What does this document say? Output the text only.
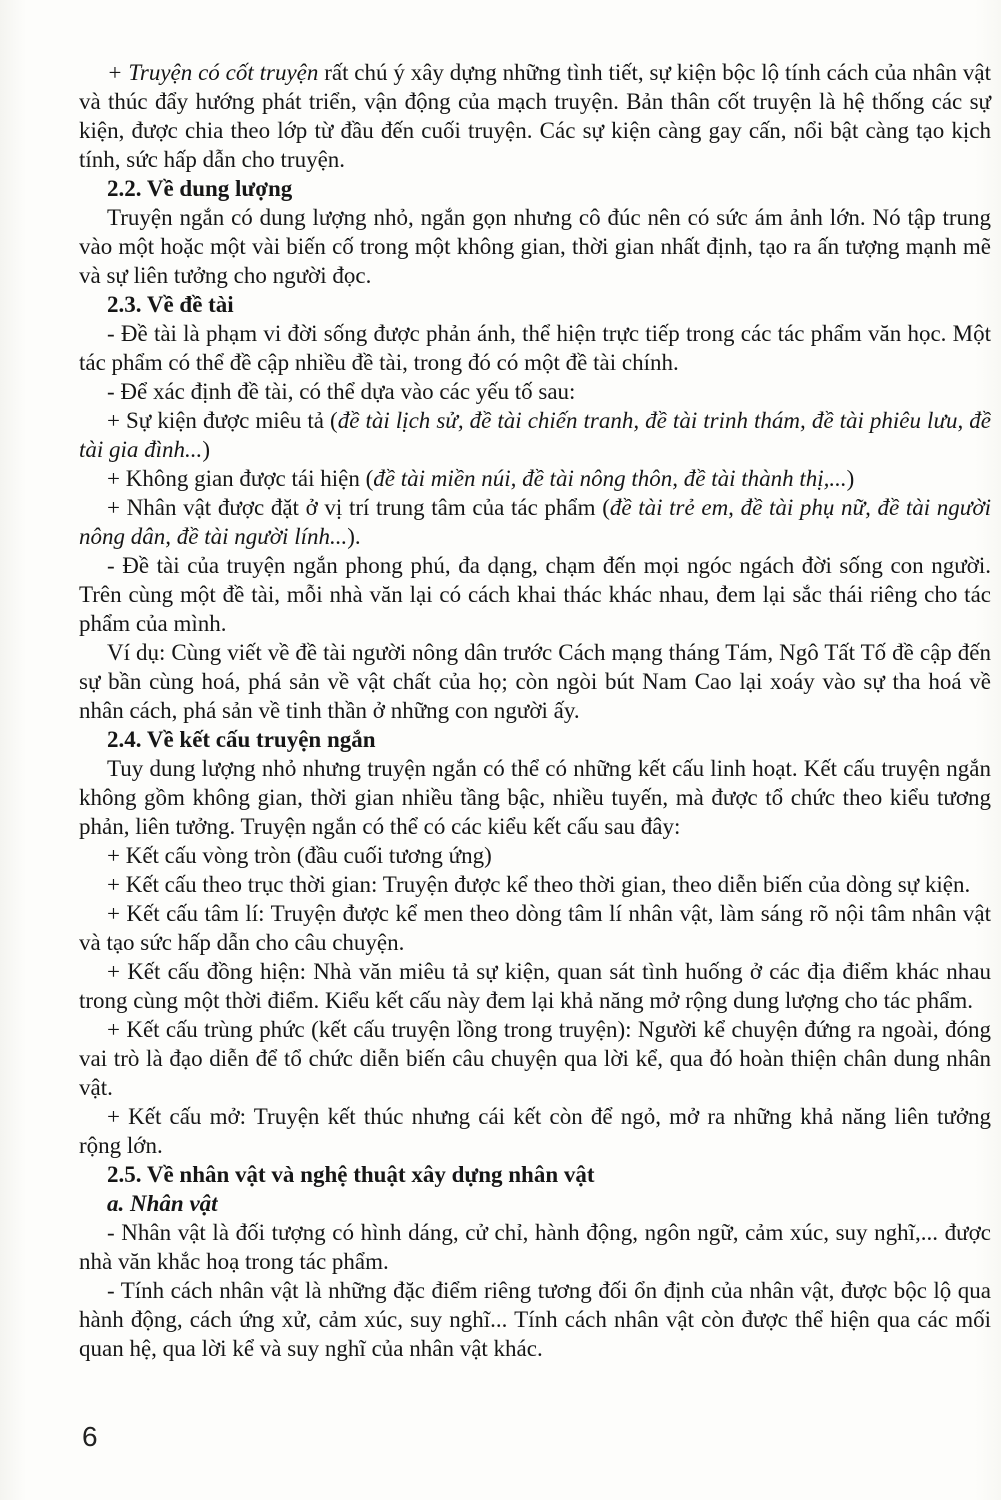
+ Truyện có cốt truyện rất chú ý xây dựng những tình tiết, sự kiện bộc lộ tính cách của nhân vật và thúc đẩy hướng phát triển, vận động của mạch truyện. Bản thân cốt truyện là hệ thống các sự kiện, được chia theo lớp từ đầu đến cuối truyện. Các sự kiện càng gay cấn, nổi bật càng tạo kịch tính, sức hấp dẫn cho truyện.

2.2. Về dung lượng

Truyện ngắn có dung lượng nhỏ, ngắn gọn nhưng cô đúc nên có sức ám ảnh lớn. Nó tập trung vào một hoặc một vài biến cố trong một không gian, thời gian nhất định, tạo ra ấn tượng mạnh mẽ và sự liên tưởng cho người đọc.

2.3. Về đề tài

- Đề tài là phạm vi đời sống được phản ánh, thể hiện trực tiếp trong các tác phẩm văn học. Một tác phẩm có thể đề cập nhiều đề tài, trong đó có một đề tài chính.

- Để xác định đề tài, có thể dựa vào các yếu tố sau:

+ Sự kiện được miêu tả (đề tài lịch sử, đề tài chiến tranh, đề tài trinh thám, đề tài phiêu lưu, đề tài gia đình...)

+ Không gian được tái hiện (đề tài miền núi, đề tài nông thôn, đề tài thành thị,...)

+ Nhân vật được đặt ở vị trí trung tâm của tác phẩm (đề tài trẻ em, đề tài phụ nữ, đề tài người nông dân, đề tài người lính...).

- Đề tài của truyện ngắn phong phú, đa dạng, chạm đến mọi ngóc ngách đời sống con người. Trên cùng một đề tài, mỗi nhà văn lại có cách khai thác khác nhau, đem lại sắc thái riêng cho tác phẩm của mình.

Ví dụ: Cùng viết về đề tài người nông dân trước Cách mạng tháng Tám, Ngô Tất Tố đề cập đến sự bần cùng hoá, phá sản về vật chất của họ; còn ngòi bút Nam Cao lại xoáy vào sự tha hoá về nhân cách, phá sản về tinh thần ở những con người ấy.

2.4. Về kết cấu truyện ngắn

Tuy dung lượng nhỏ nhưng truyện ngắn có thể có những kết cấu linh hoạt. Kết cấu truyện ngắn không gồm không gian, thời gian nhiều tầng bậc, nhiều tuyến, mà được tổ chức theo kiểu tương phản, liên tưởng. Truyện ngắn có thể có các kiểu kết cấu sau đây:

+ Kết cấu vòng tròn (đầu cuối tương ứng)

+ Kết cấu theo trục thời gian: Truyện được kể theo thời gian, theo diễn biến của dòng sự kiện.

+ Kết cấu tâm lí: Truyện được kể men theo dòng tâm lí nhân vật, làm sáng rõ nội tâm nhân vật và tạo sức hấp dẫn cho câu chuyện.

+ Kết cấu đồng hiện: Nhà văn miêu tả sự kiện, quan sát tình huống ở các địa điểm khác nhau trong cùng một thời điểm. Kiểu kết cấu này đem lại khả năng mở rộng dung lượng cho tác phẩm.

+ Kết cấu trùng phức (kết cấu truyện lồng trong truyện): Người kể chuyện đứng ra ngoài, đóng vai trò là đạo diễn để tổ chức diễn biến câu chuyện qua lời kể, qua đó hoàn thiện chân dung nhân vật.

+ Kết cấu mở: Truyện kết thúc nhưng cái kết còn để ngỏ, mở ra những khả năng liên tưởng rộng lớn.

2.5. Về nhân vật và nghệ thuật xây dựng nhân vật
a. Nhân vật

- Nhân vật là đối tượng có hình dáng, cử chỉ, hành động, ngôn ngữ, cảm xúc, suy nghĩ,... được nhà văn khắc hoạ trong tác phẩm.

- Tính cách nhân vật là những đặc điểm riêng tương đối ổn định của nhân vật, được bộc lộ qua hành động, cách ứng xử, cảm xúc, suy nghĩ... Tính cách nhân vật còn được thể hiện qua các mối quan hệ, qua lời kể và suy nghĩ của nhân vật khác.

6
